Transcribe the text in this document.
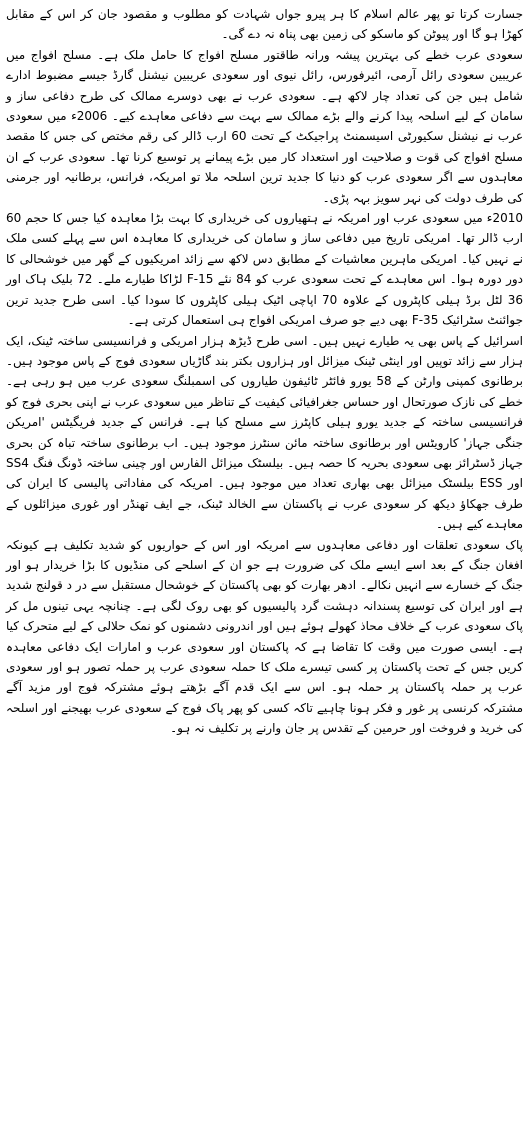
جسارت کرتا تو پھر عالم اسلام کا ہر پیرو جواں شہادت کو مطلوب و مقصود جان کر اس کے مقابل کھڑا ہو گا اور پیوٹن کو ماسکو کی زمین بھی پناہ نہ دے گی۔

سعودی عرب خطے کی بہترین پیشہ ورانہ طاقتور مسلح افواج کا حامل ملک ہے۔ مسلح افواج میں عریبین سعودی رائل آرمی، ائیرفورس، رائل نیوی اور سعودی عریبین نیشنل گارڈ جیسے مضبوط ادارے شامل ہیں جن کی تعداد چار لاکھ ہے۔ سعودی عرب نے بھی دوسرے ممالک کی طرح دفاعی ساز و سامان کے لیے اسلحہ پیدا کرنے والے بڑے ممالک سے بہت سے دفاعی معاہدے کیے۔ 2006ء میں سعودی عرب نے نیشنل سکیورٹی اسیسمنٹ پراجیکٹ کے تحت 60 ارب ڈالر کی رقم مختص کی جس کا مقصد مسلح افواج کی قوت و صلاحیت اور استعداد کار میں بڑے پیمانے پر توسیع کرنا تھا۔ سعودی عرب کے ان معاہدوں سے اگر سعودی عرب کو دنیا کا جدید ترین اسلحہ ملا تو امریکہ، فرانس، برطانیہ اور جرمنی کی طرف دولت کی نہر سویز بہہ پڑی۔

2010ء میں سعودی عرب اور امریکہ نے ہتھیاروں کی خریداری کا بہت بڑا معاہدہ کیا جس کا حجم 60 ارب ڈالر تھا۔ امریکی تاریخ میں دفاعی ساز و سامان کی خریداری کا معاہدہ اس سے پہلے کسی ملک نے نہیں کیا۔ امریکی ماہرین معاشیات کے مطابق دس لاکھ سے زائد امریکیوں کے گھر میں خوشحالی کا دور دورہ ہوا۔ اس معاہدے کے تحت سعودی عرب کو 84 نئے F-15 لڑاکا طیارے ملے۔ 72 بلیک ہاک اور 36 لٹل برڈ ہیلی کاپٹروں کے علاوہ 70 اپاچی اٹیک ہیلی کاپٹروں کا سودا کیا۔ اسی طرح جدید ترین جوائنٹ سٹرائیک F-35 بھی دیے جو صرف امریکی افواج ہی استعمال کرتی ہے۔

اسرائیل کے پاس بھی یہ طیارے نہیں ہیں۔ اسی طرح ڈیڑھ ہزار امریکی و فرانسیسی ساختہ ٹینک، ایک ہزار سے زائد توپیں اور اینٹی ٹینک میزائل اور ہزاروں بکتر بند گاڑیاں سعودی فوج کے پاس موجود ہیں۔ برطانوی کمپنی وارٹن کے 58 یورو فائٹر ٹائیفون طیاروں کی اسمبلنگ سعودی عرب میں ہو رہی ہے۔ خطے کی نازک صورتحال اور حساس جغرافیائی کیفیت کے تناظر میں سعودی عرب نے اپنی بحری فوج کو فرانسیسی ساختہ کے جدید یورو ہیلی کاپٹرز سے مسلح کیا ہے۔ فرانس کے جدید فریگیٹس 'امریکن جنگی جہاز' کارویٹس اور برطانوی ساختہ مائن سنٹرز موجود ہیں۔ اب برطانوی ساختہ تباہ کن بحری جہاز ڈسٹرائز بھی سعودی بحریہ کا حصہ ہیں۔ بیلسٹک میزائل الفارس اور چینی ساختہ ڈونگ فنگ SS4 اور ESS بیلسٹک میزائل بھی بھاری تعداد میں موجود ہیں۔ امریکہ کی مفاداتی پالیسی کا ایران کی طرف جھکاؤ دیکھ کر سعودی عرب نے پاکستان سے الخالد ٹینک، جے ایف تھنڈر اور غوری میزائلوں کے معاہدے کیے ہیں۔

پاک سعودی تعلقات اور دفاعی معاہدوں سے امریکہ اور اس کے حواریوں کو شدید تکلیف ہے کیونکہ افغان جنگ کے بعد اسے ایسے ملک کی ضرورت ہے جو ان کے اسلحے کی منڈیوں کا بڑا خریدار ہو اور جنگ کے خسارے سے انہیں نکالے۔ ادھر بھارت کو بھی پاکستان کے خوشحال مستقبل سے در د قولنج شدید ہے اور ایران کی توسیع پسندانہ دہشت گرد پالیسیوں کو بھی روک لگی ہے۔ چنانچہ یہی تینوں مل کر پاک سعودی عرب کے خلاف محاذ کھولے ہوئے ہیں اور اندرونی دشمنوں کو نمک حلالی کے لیے متحرک کیا ہے۔ ایسی صورت میں وقت کا تقاضا ہے کہ پاکستان اور سعودی عرب و امارات ایک دفاعی معاہدہ کریں جس کے تحت پاکستان پر کسی تیسرے ملک کا حملہ سعودی عرب پر حملہ تصور ہو اور سعودی عرب پر حملہ پاکستان پر حملہ ہو۔ اس سے ایک قدم آگے بڑھتے ہوئے مشترکہ فوج اور مزید آگے مشترکہ کرنسی پر غور و فکر ہونا چاہیے تاکہ کسی کو پھر پاک فوج کے سعودی عرب بھیجنے اور اسلحہ کی خرید و فروخت اور حرمین کے تقدس پر جان وارنے پر تکلیف نہ ہو۔
